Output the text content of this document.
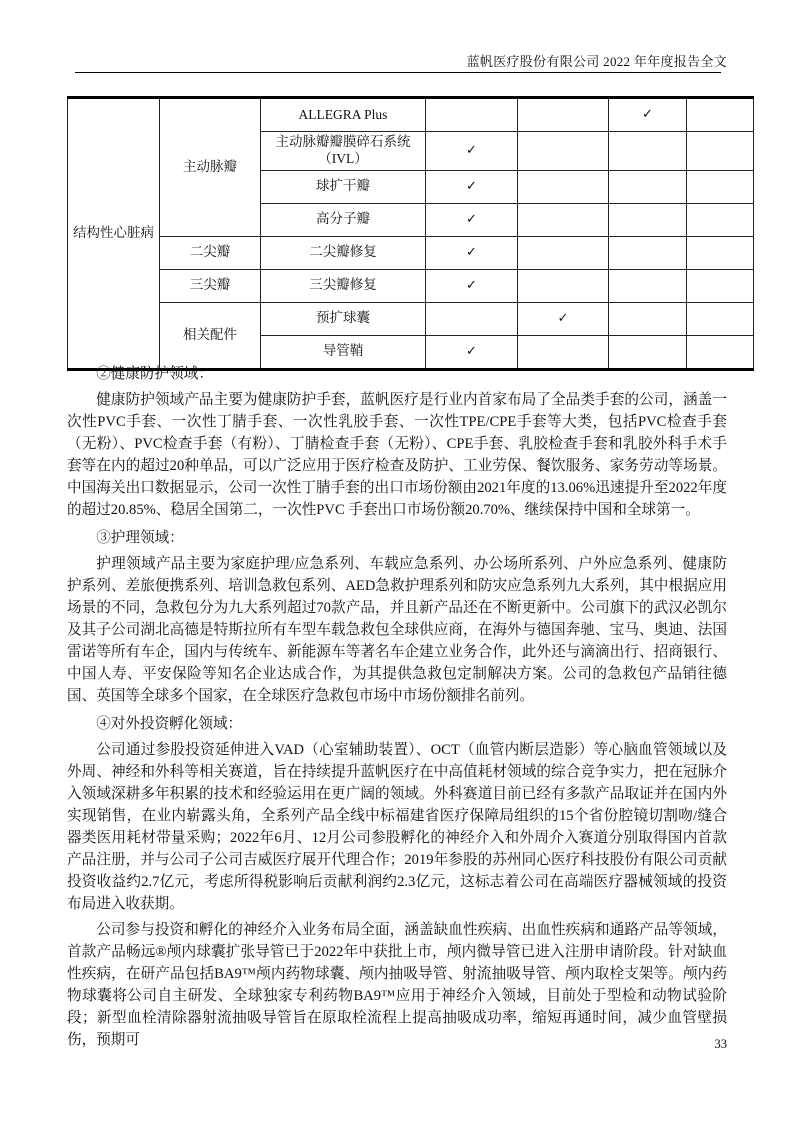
蓝帆医疗股份有限公司 2022 年年度报告全文
结构性心脏病	主动脉瓣	ALLEGRA Plus			✓	
		主动脉瓣瓣膜碎石系统（IVL）	✓			
		球扩干瓣	✓			
		高分子瓣	✓			
	二尖瓣	二尖瓣修复	✓			
	三尖瓣	三尖瓣修复	✓			
	相关配件	预扩球囊		✓		
		导管鞘	✓			
②健康防护领域：

健康防护领域产品主要为健康防护手套，蓝帆医疗是行业内首家布局了全品类手套的公司，涵盖一次性PVC手套、一次性丁腈手套、一次性乳胶手套、一次性TPE/CPE手套等大类，包括PVC检查手套（无粉）、PVC检查手套（有粉）、丁腈检查手套（无粉）、CPE手套、乳胶检查手套和乳胶外科手术手套等在内的超过20种单品，可以广泛应用于医疗检查及防护、工业劳保、餐饮服务、家务劳动等场景。中国海关出口数据显示，公司一次性丁腈手套的出口市场份额由2021年度的13.06%迅速提升至2022年度的超过20.85%、稳居全国第二，一次性PVC 手套出口市场份额20.70%、继续保持中国和全球第一。

③护理领域：

护理领域产品主要为家庭护理/应急系列、车载应急系列、办公场所系列、户外应急系列、健康防护系列、差旅便携系列、培训急救包系列、AED急救护理系列和防灾应急系列九大系列，其中根据应用场景的不同，急救包分为九大系列超过70款产品，并且新产品还在不断更新中。公司旗下的武汉必凯尔及其子公司湖北高德是特斯拉所有车型车载急救包全球供应商，在海外与德国奔驰、宝马、奥迪、法国雷诺等所有车企，国内与传统车、新能源车等著名车企建立业务合作，此外还与滴滴出行、招商银行、中国人寿、平安保险等知名企业达成合作，为其提供急救包定制解决方案。公司的急救包产品销往德国、英国等全球多个国家，在全球医疗急救包市场中市场份额排名前列。

④对外投资孵化领域：

公司通过参股投资延伸进入VAD（心室辅助装置）、OCT（血管内断层造影）等心脑血管领域以及外周、神经和外科等相关赛道，旨在持续提升蓝帆医疗在中高值耗材领域的综合竞争实力，把在冠脉介入领域深耕多年积累的技术和经验运用在更广阔的领域。外科赛道目前已经有多款产品取证并在国内外实现销售，在业内崭露头角，全系列产品全线中标福建省医疗保障局组织的15个省份腔镜切割吻/缝合器类医用耗材带量采购；2022年6月、12月公司参股孵化的神经介入和外周介入赛道分别取得国内首款产品注册，并与公司子公司吉威医疗展开代理合作；2019年参股的苏州同心医疗科技股份有限公司贡献投资收益约2.7亿元，考虑所得税影响后贡献利润约2.3亿元，这标志着公司在高端医疗器械领域的投资布局进入收获期。

公司参与投资和孵化的神经介入业务布局全面，涵盖缺血性疾病、出血性疾病和通路产品等领域，首款产品畅远®颅内球囊扩张导管已于2022年中获批上市，颅内微导管已进入注册申请阶段。针对缺血性疾病，在研产品包括BA9™颅内药物球囊、颅内抽吸导管、射流抽吸导管、颅内取栓支架等。颅内药物球囊将公司自主研发、全球独家专利药物BA9™应用于神经介入领域，目前处于型检和动物试验阶段；新型血栓清除器射流抽吸导管旨在原取栓流程上提高抽吸成功率，缩短再通时间，减少血管壁损伤，预期可	33
